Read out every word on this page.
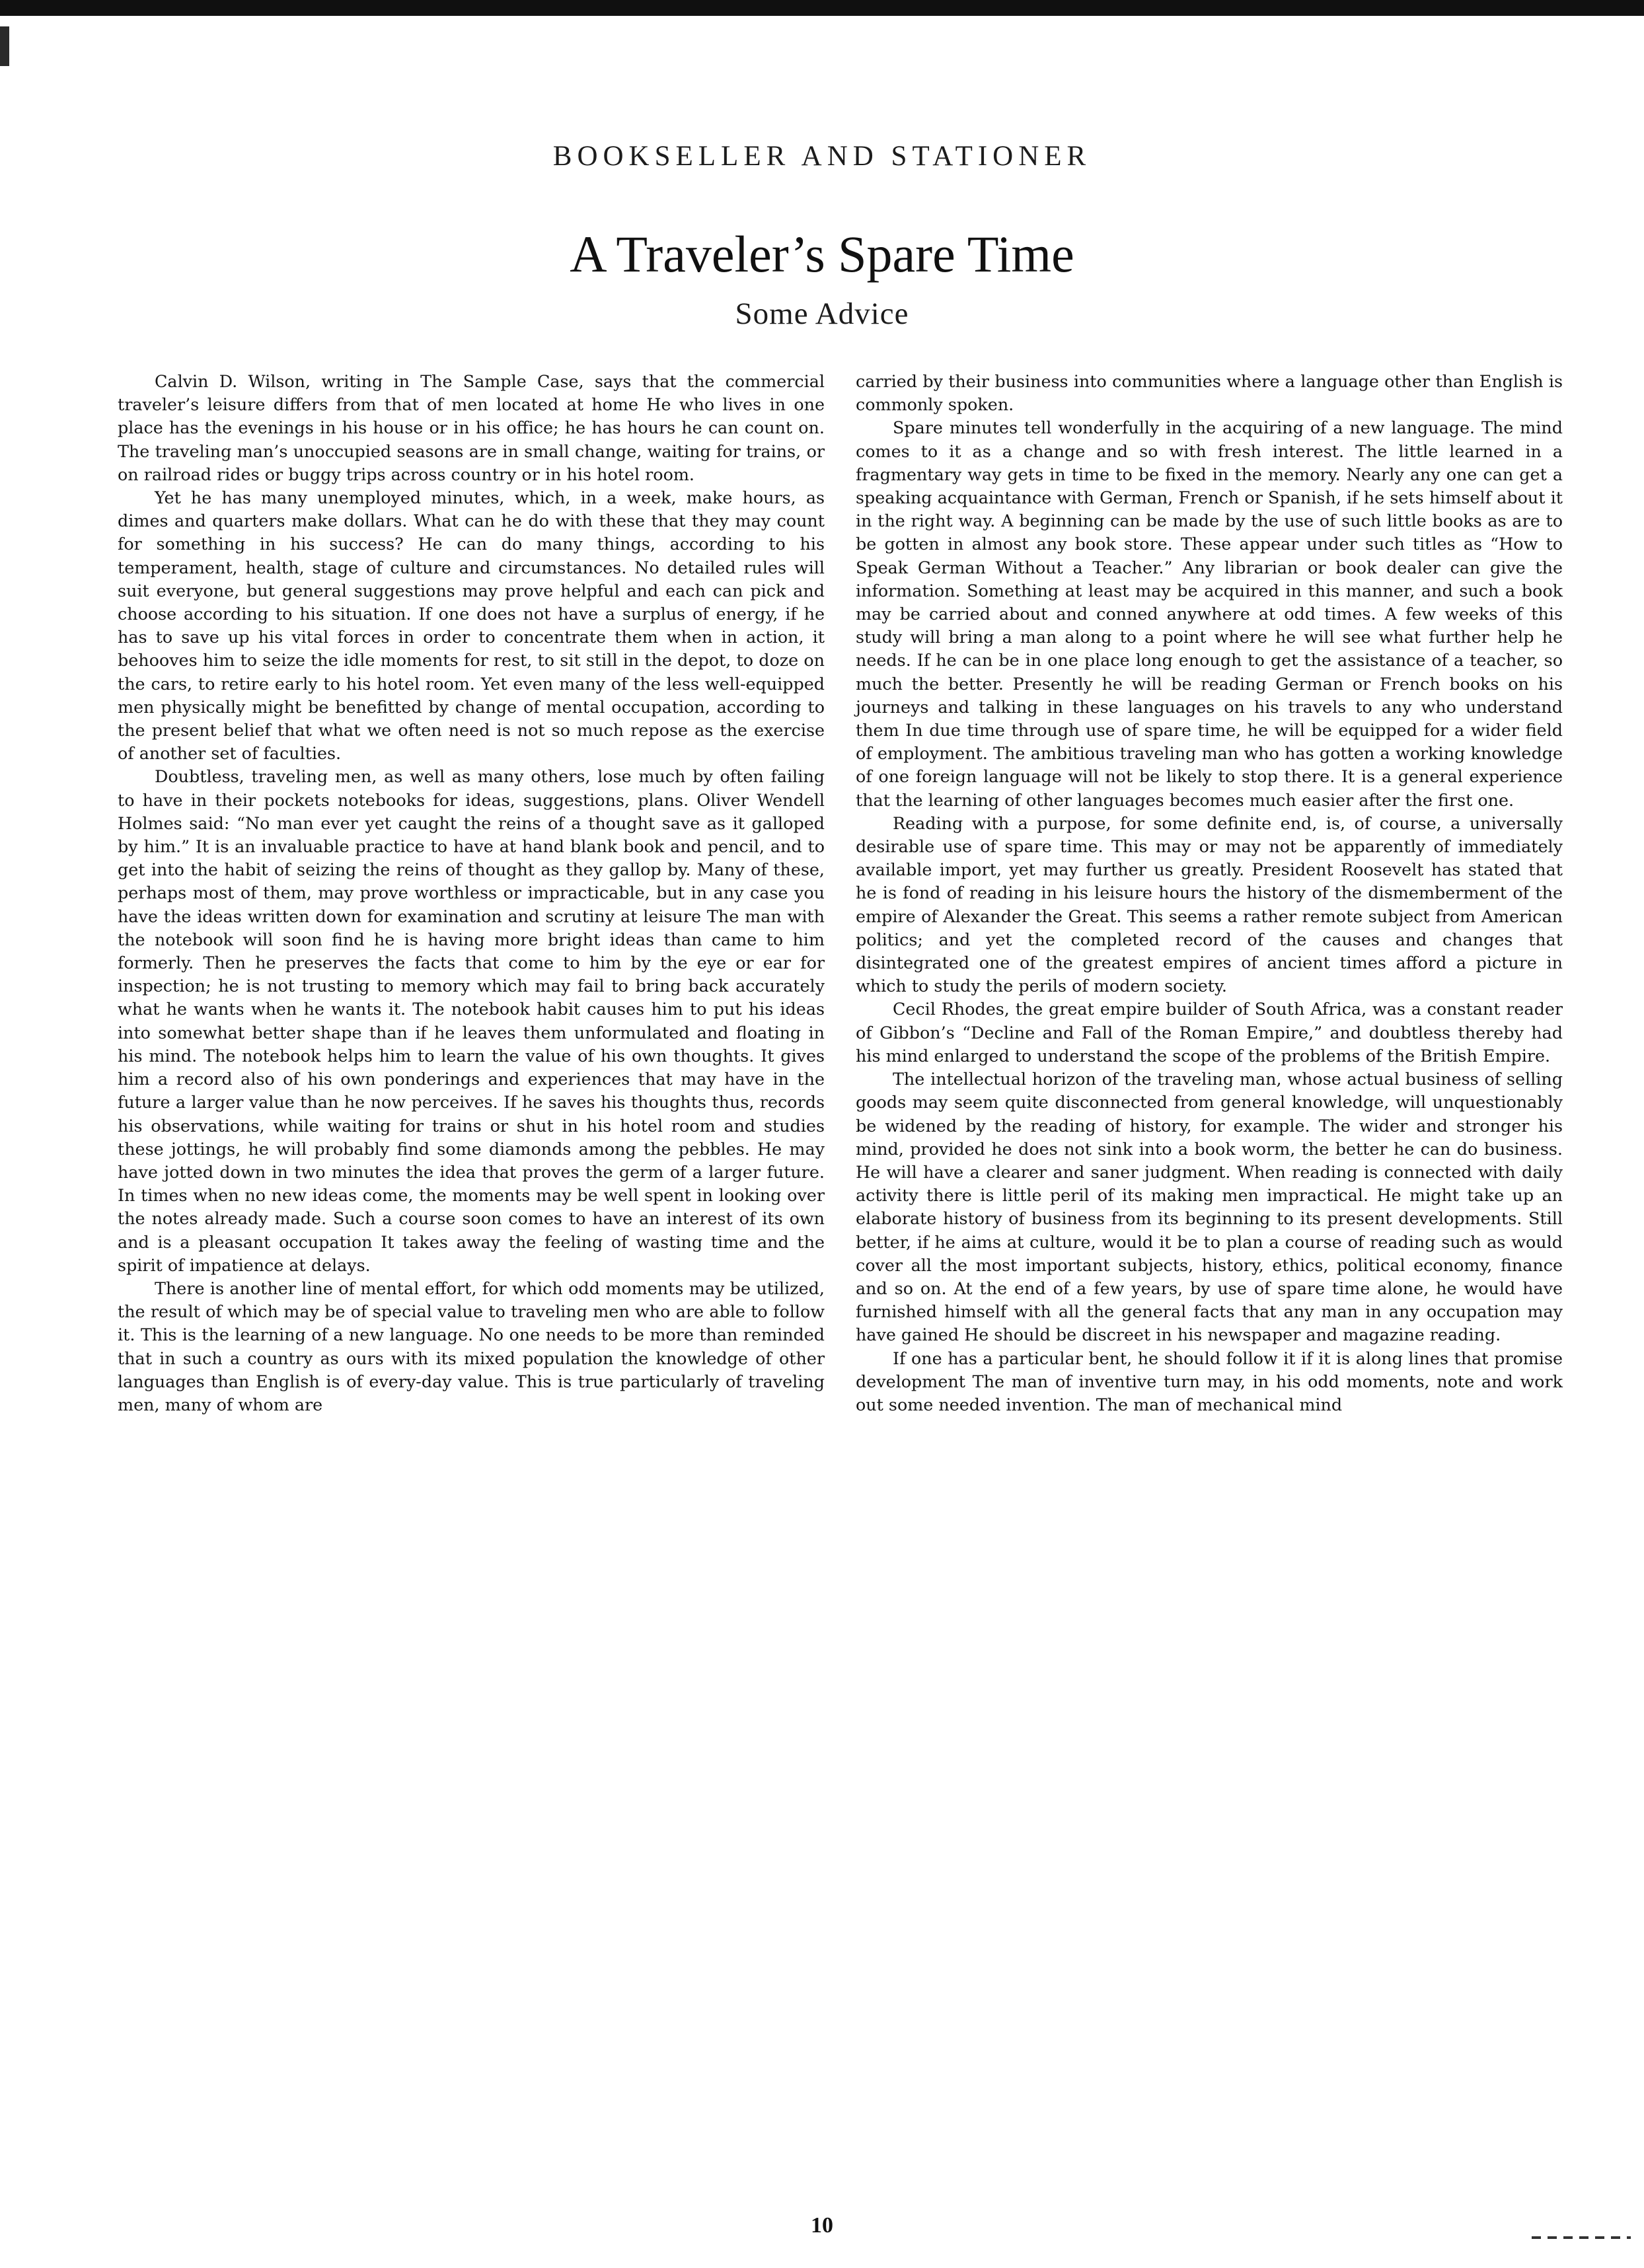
BOOKSELLER AND STATIONER
A Traveler’s Spare Time
Some Advice

Calvin D. Wilson, writing in The Sample Case, says that the commercial traveler’s leisure differs from that of men located at home He who lives in one place has the evenings in his house or in his office; he has hours he can count on. The traveling man’s unoccupied seasons are in small change, waiting for trains, or on railroad rides or buggy trips across country or in his hotel room.

Yet he has many unemployed minutes, which, in a week, make hours, as dimes and quarters make dollars. What can he do with these that they may count for something in his success? He can do many things, according to his temperament, health, stage of culture and circumstances. No detailed rules will suit everyone, but general suggestions may prove helpful and each can pick and choose according to his situation. If one does not have a surplus of energy, if he has to save up his vital forces in order to concentrate them when in action, it behooves him to seize the idle moments for rest, to sit still in the depot, to doze on the cars, to retire early to his hotel room. Yet even many of the less well-equipped men physically might be benefitted by change of mental occupation, according to the present belief that what we often need is not so much repose as the exercise of another set of faculties.

Doubtless, traveling men, as well as many others, lose much by often failing to have in their pockets notebooks for ideas, suggestions, plans. Oliver Wendell Holmes said: “No man ever yet caught the reins of a thought save as it galloped by him.” It is an invaluable practice to have at hand blank book and pencil, and to get into the habit of seizing the reins of thought as they gallop by. Many of these, perhaps most of them, may prove worthless or impracticable, but in any case you have the ideas written down for examination and scrutiny at leisure The man with the notebook will soon find he is having more bright ideas than came to him formerly. Then he preserves the facts that come to him by the eye or ear for inspection; he is not trusting to memory which may fail to bring back accurately what he wants when he wants it. The notebook habit causes him to put his ideas into somewhat better shape than if he leaves them unformulated and floating in his mind. The notebook helps him to learn the value of his own thoughts. It gives him a record also of his own ponderings and experiences that may have in the future a larger value than he now perceives. If he saves his thoughts thus, records his observations, while waiting for trains or shut in his hotel room and studies these jottings, he will probably find some diamonds among the pebbles. He may have jotted down in two minutes the idea that proves the germ of a larger future. In times when no new ideas come, the moments may be well spent in looking over the notes already made. Such a course soon comes to have an interest of its own and is a pleasant occupation It takes away the feeling of wasting time and the spirit of impatience at delays.

There is another line of mental effort, for which odd moments may be utilized, the result of which may be of special value to traveling men who are able to follow it. This is the learning of a new language. No one needs to be more than reminded that in such a country as ours with its mixed population the knowledge of other languages than English is of every-day value. This is true particularly of traveling men, many of whom are

carried by their business into communities where a language other than English is commonly spoken.

Spare minutes tell wonderfully in the acquiring of a new language. The mind comes to it as a change and so with fresh interest. The little learned in a fragmentary way gets in time to be fixed in the memory. Nearly any one can get a speaking acquaintance with German, French or Spanish, if he sets himself about it in the right way. A beginning can be made by the use of such little books as are to be gotten in almost any book store. These appear under such titles as “How to Speak German Without a Teacher.” Any librarian or book dealer can give the information. Something at least may be acquired in this manner, and such a book may be carried about and conned anywhere at odd times. A few weeks of this study will bring a man along to a point where he will see what further help he needs. If he can be in one place long enough to get the assistance of a teacher, so much the better. Presently he will be reading German or French books on his journeys and talking in these languages on his travels to any who understand them In due time through use of spare time, he will be equipped for a wider field of employment. The ambitious traveling man who has gotten a working knowledge of one foreign language will not be likely to stop there. It is a general experience that the learning of other languages becomes much easier after the first one.

Reading with a purpose, for some definite end, is, of course, a universally desirable use of spare time. This may or may not be apparently of immediately available import, yet may further us greatly. President Roosevelt has stated that he is fond of reading in his leisure hours the history of the dismemberment of the empire of Alexander the Great. This seems a rather remote subject from American politics; and yet the completed record of the causes and changes that disintegrated one of the greatest empires of ancient times afford a picture in which to study the perils of modern society.

Cecil Rhodes, the great empire builder of South Africa, was a constant reader of Gibbon’s “Decline and Fall of the Roman Empire,” and doubtless thereby had his mind enlarged to understand the scope of the problems of the British Empire.

The intellectual horizon of the traveling man, whose actual business of selling goods may seem quite disconnected from general knowledge, will unquestionably be widened by the reading of history, for example. The wider and stronger his mind, provided he does not sink into a book worm, the better he can do business. He will have a clearer and saner judgment. When reading is connected with daily activity there is little peril of its making men impractical. He might take up an elaborate history of business from its beginning to its present developments. Still better, if he aims at culture, would it be to plan a course of reading such as would cover all the most important subjects, history, ethics, political economy, finance and so on. At the end of a few years, by use of spare time alone, he would have furnished himself with all the general facts that any man in any occupation may have gained He should be discreet in his newspaper and magazine reading.

If one has a particular bent, he should follow it if it is along lines that promise development The man of inventive turn may, in his odd moments, note and work out some needed invention. The man of mechanical mind

10
